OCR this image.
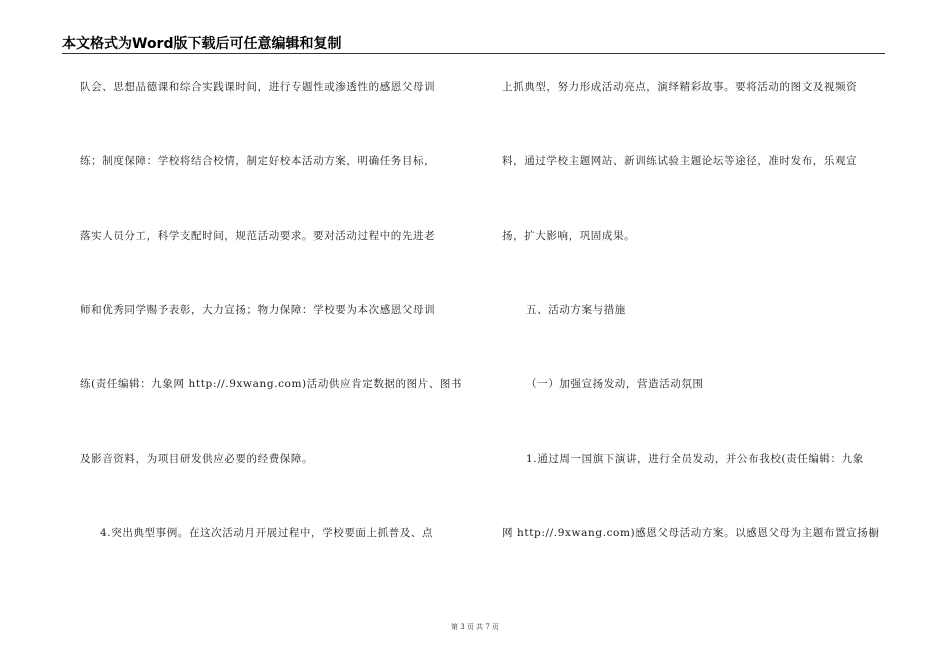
本文格式为Word版下载后可任意编辑和复制
队会、思想品德课和综合实践课时间，进行专题性或渗透性的感恩父母训
练；制度保障：学校将结合校情，制定好校本活动方案，明确任务目标，
落实人员分工，科学支配时间，规范活动要求。要对活动过程中的先进老
师和优秀同学赐予表彰，大力宣扬；物力保障：学校要为本次感恩父母训
练(责任编辑：九象网 http://.9xwang.com)活动供应肯定数据的图片、图书
及影音资料，为项目研发供应必要的经费保障。
4.突出典型事例。在这次活动月开展过程中，学校要面上抓普及、点
上抓典型，努力形成活动亮点，演绎精彩故事。要将活动的图文及视频资
料，通过学校主题网站、新训练试验主题论坛等途径，准时发布，乐观宣
扬，扩大影响，巩固成果。
五、活动方案与措施
（一）加强宣扬发动，营造活动氛围
1.通过周一国旗下演讲，进行全员发动，并公布我校(责任编辑：九象
网 http://.9xwang.com)感恩父母活动方案。以感恩父母为主题布置宣扬橱
第 3 页 共 7 页
